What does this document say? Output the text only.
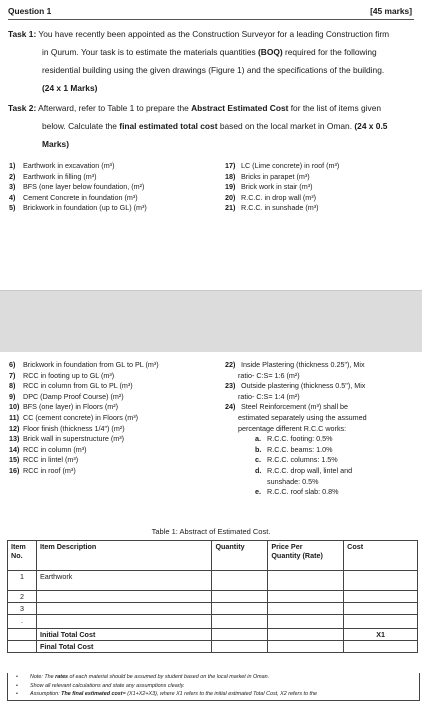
Question 1	[45 marks]
Task 1: You have recently been appointed as the Construction Surveyor for a leading Construction firm
in Qurum. Your task is to estimate the materials quantities (BOQ) required for the following
residential building using the given drawings (Figure 1) and the specifications of the building.
(24 x 1 Marks)
Task 2: Afterward, refer to Table 1 to prepare the Abstract Estimated Cost for the list of items given
below. Calculate the final estimated total cost based on the local market in Oman. (24 x 0.5
Marks)
1) Earthwork in excavation (m³)
2) Earthwork in filling (m³)
3) BFS (one layer below foundation, (m²)
4) Cement Concrete in foundation (m³)
5) Brickwork in foundation (up to GL) (m³)
17) LC (Lime concrete) in roof (m³)
18) Bricks in parapet (m³)
19) Brick work in stair (m³)
20) R.C.C. in drop wall (m³)
21) R.C.C. in sunshade (m³)
6) Brickwork in foundation from GL to PL (m³)
7) RCC in footing up to GL (m³)
8) RCC in column from GL to PL (m³)
9) DPC (Damp Proof Course) (m²)
10) BFS (one layer) in Floors (m²)
11) CC (cement concrete) in Floors (m³)
12) Floor finish (thickness 1/4") (m²)
13) Brick wall in superstructure (m³)
14) RCC in column (m³)
15) RCC in lintel (m³)
16) RCC in roof (m³)
22) Inside Plastering (thickness 0.25"), Mix
ratio- C:S= 1:6 (m²)
23) Outside plastering (thickness 0.5"), Mix
ratio- C:S= 1:4 (m²)
24) Steel Reinforcement (m³) shall be
estimated separately using the assumed
percentage different R.C.C works:
a. R.C.C. footing: 0.5%
b. R.C.C. beams: 1.0%
c. R.C.C. columns: 1.5%
d. R.C.C. drop wall, lintel and
sunshade: 0.5%
e. R.C.C. roof slab: 0.8%
Table 1: Abstract of Estimated Cost.
Item
No.	Item Description	Quantity	Price Per
Quantity (Rate)	Cost
1	Earthwork			
2				
3				
.				
	Initial Total Cost			X1
	Final Total Cost			
• Note: The rates of each material should be assumed by student based on the local market in Oman.
• Show all relevant calculations and state any assumptions clearly.
• Assumption: The final estimated cost= (X1+X2+X3), where X1 refers to the initial estimated Total Cost, X2 refers to the
